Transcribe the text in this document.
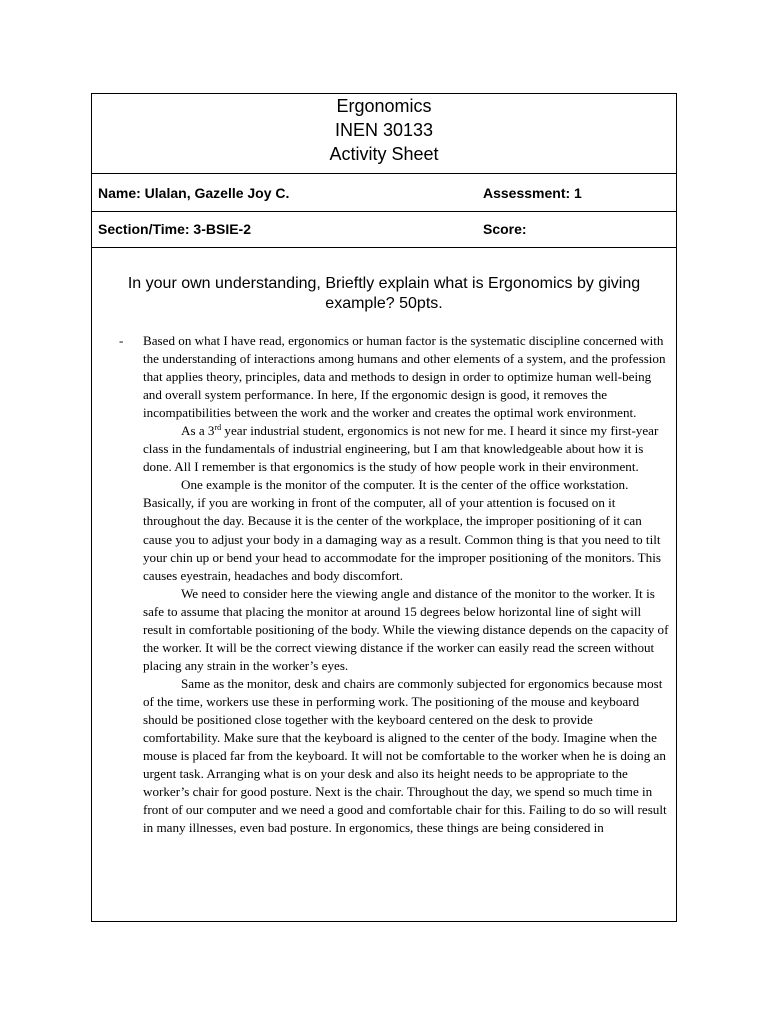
Ergonomics
INEN 30133
Activity Sheet
Name: Ulalan, Gazelle Joy C.	Assessment: 1
Section/Time: 3-BSIE-2	Score:
In your own understanding, Brieftly explain what is Ergonomics by giving example? 50pts.
- Based on what I have read, ergonomics or human factor is the systematic discipline concerned with the understanding of interactions among humans and other elements of a system, and the profession that applies theory, principles, data and methods to design in order to optimize human well-being and overall system performance. In here, If the ergonomic design is good, it removes the incompatibilities between the work and the worker and creates the optimal work environment.

As a 3rd year industrial student, ergonomics is not new for me. I heard it since my first-year class in the fundamentals of industrial engineering, but I am that knowledgeable about how it is done. All I remember is that ergonomics is the study of how people work in their environment.

One example is the monitor of the computer. It is the center of the office workstation. Basically, if you are working in front of the computer, all of your attention is focused on it throughout the day. Because it is the center of the workplace, the improper positioning of it can cause you to adjust your body in a damaging way as a result. Common thing is that you need to tilt your chin up or bend your head to accommodate for the improper positioning of the monitors. This causes eyestrain, headaches and body discomfort.

We need to consider here the viewing angle and distance of the monitor to the worker. It is safe to assume that placing the monitor at around 15 degrees below horizontal line of sight will result in comfortable positioning of the body. While the viewing distance depends on the capacity of the worker. It will be the correct viewing distance if the worker can easily read the screen without placing any strain in the worker’s eyes.

Same as the monitor, desk and chairs are commonly subjected for ergonomics because most of the time, workers use these in performing work. The positioning of the mouse and keyboard should be positioned close together with the keyboard centered on the desk to provide comfortability. Make sure that the keyboard is aligned to the center of the body. Imagine when the mouse is placed far from the keyboard. It will not be comfortable to the worker when he is doing an urgent task. Arranging what is on your desk and also its height needs to be appropriate to the worker’s chair for good posture. Next is the chair. Throughout the day, we spend so much time in front of our computer and we need a good and comfortable chair for this. Failing to do so will result in many illnesses, even bad posture. In ergonomics, these things are being considered in
